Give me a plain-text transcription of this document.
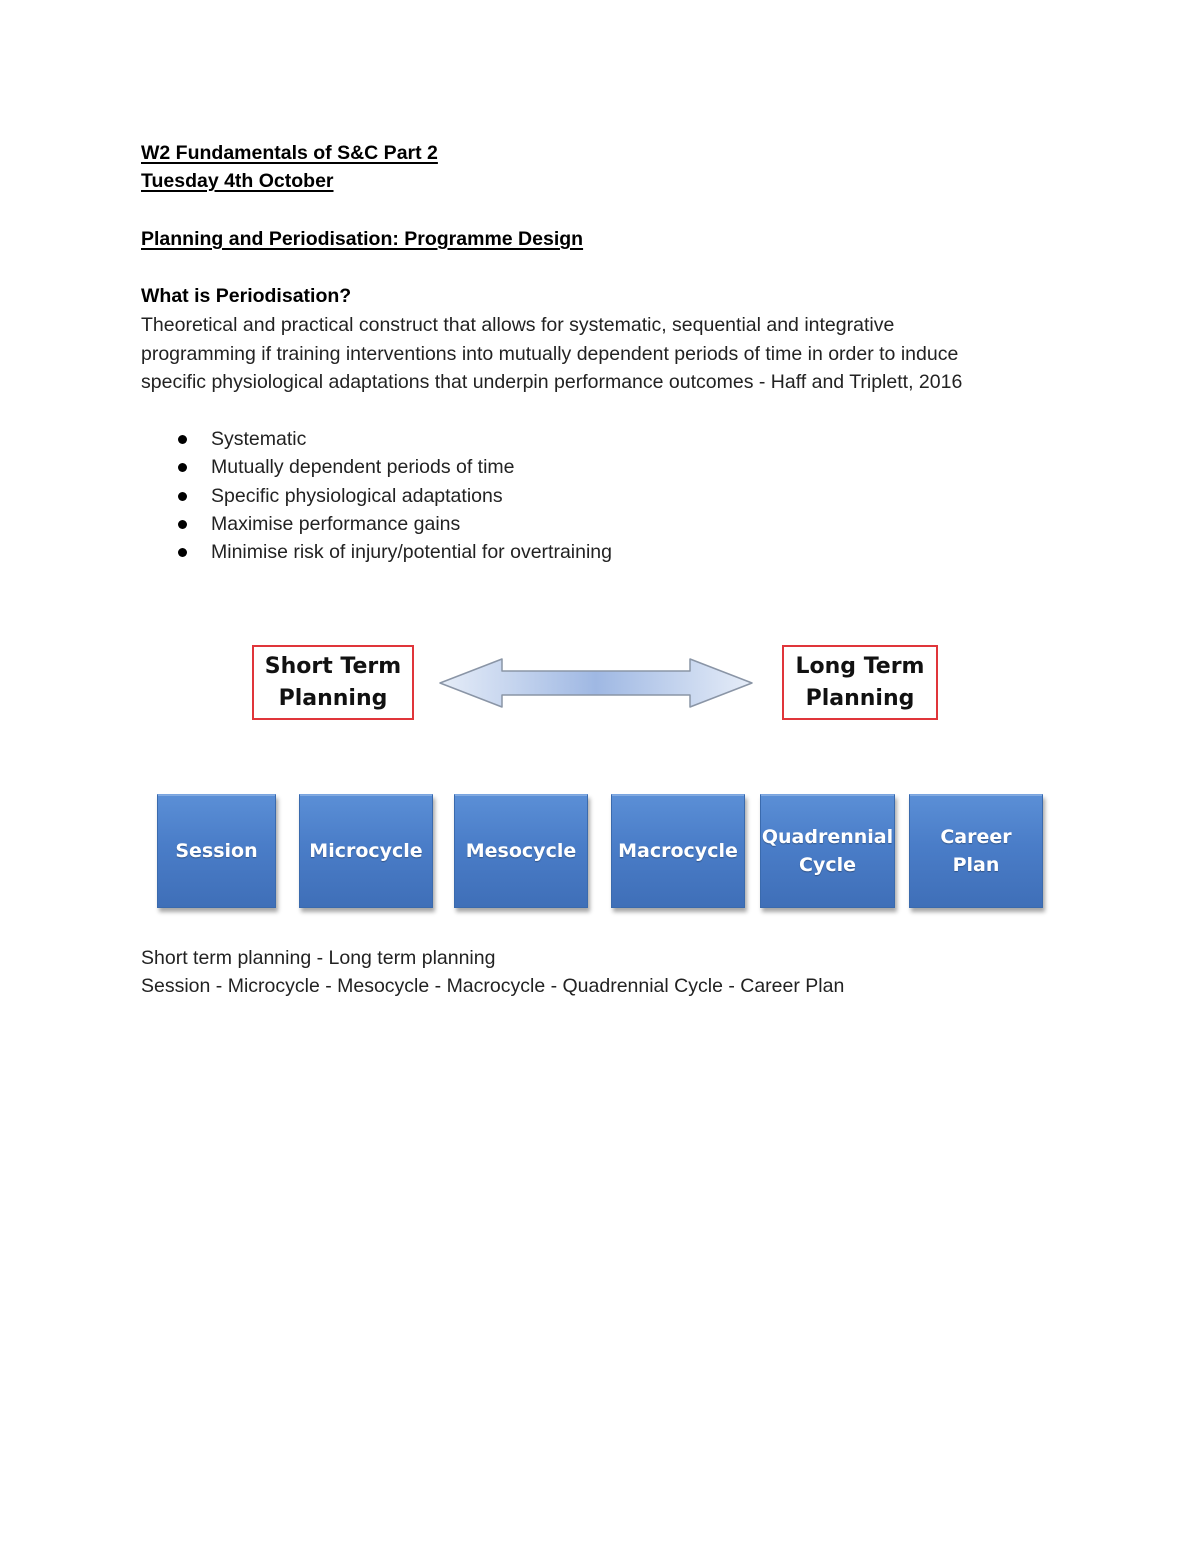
W2 Fundamentals of S&C Part 2
Tuesday 4th October
Planning and Periodisation: Programme Design
What is Periodisation?
Theoretical and practical construct that allows for systematic, sequential and integrative
programming if training interventions into mutually dependent periods of time in order to induce
specific physiological adaptations that underpin performance outcomes - Haff and Triplett, 2016
Systematic
Mutually dependent periods of time
Specific physiological adaptations
Maximise performance gains
Minimise risk of injury/potential for overtraining
Short Term
Planning
Long Term
Planning
Session	Microcycle Mesocycle Macrocycle
Quadrennial
Cycle
Career
Plan
Short term planning - Long term planning
Session - Microcycle - Mesocycle - Macrocycle - Quadrennial Cycle - Career Plan
